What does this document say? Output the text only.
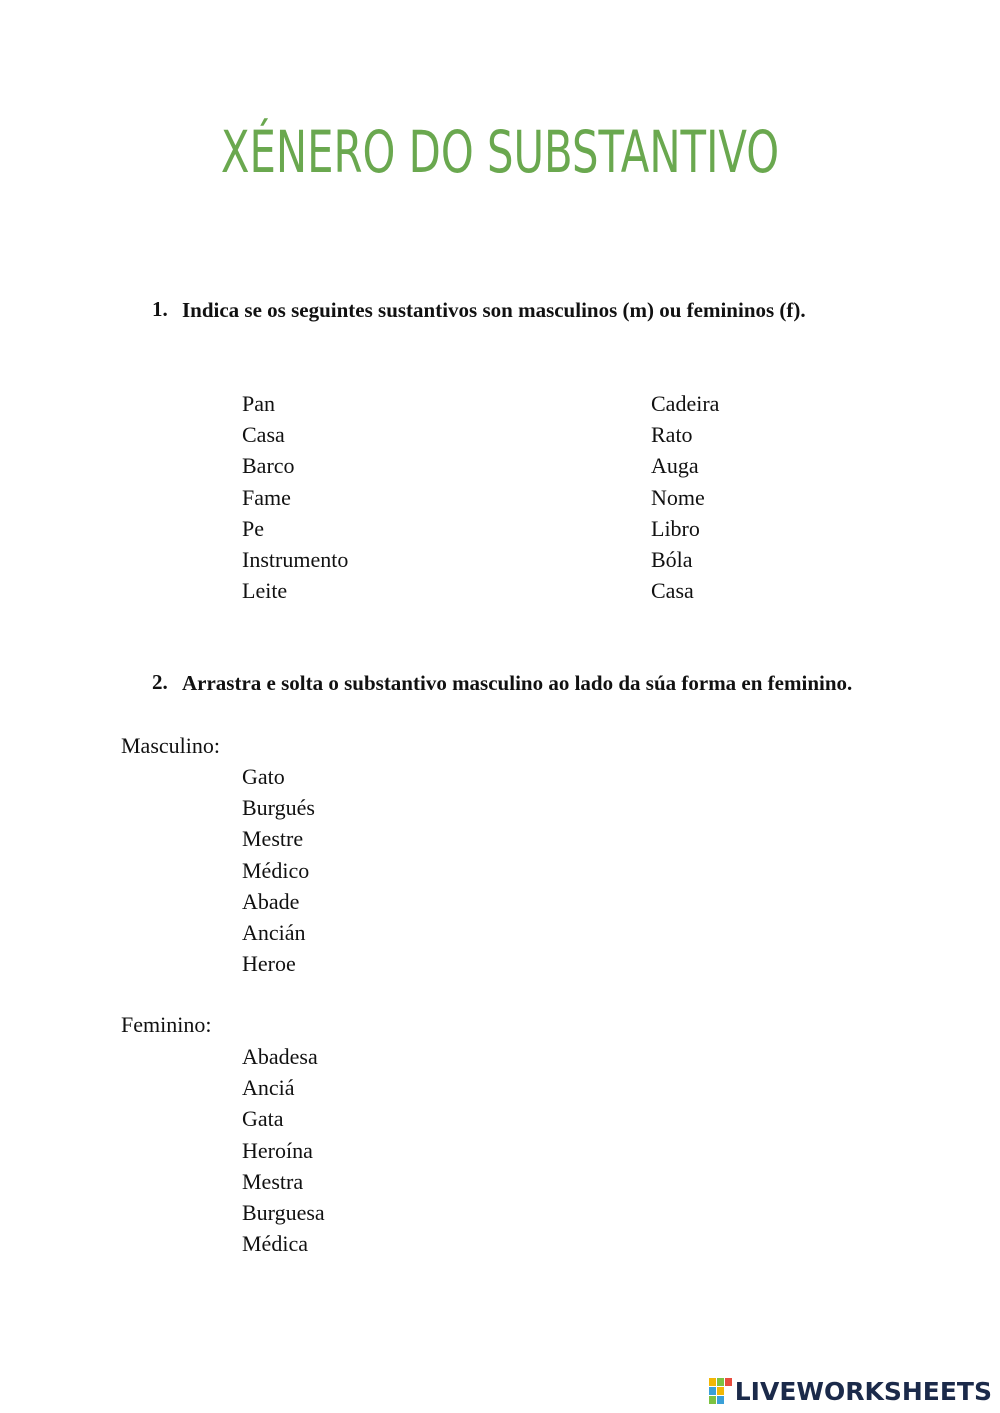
XÉNERO DO SUBSTANTIVO
1. Indica se os seguintes sustantivos son masculinos (m) ou femininos (f).
Pan
Casa
Barco
Fame
Pe
Instrumento
Leite
Cadeira
Rato
Auga
Nome
Libro
Bóla
Casa
2. Arrastra e solta o substantivo masculino ao lado da súa forma en feminino.
Masculino:
Gato
Burgués
Mestre
Médico
Abade
Ancián
Heroe
Feminino:
Abadesa
Anciá
Gata
Heroína
Mestra
Burguesa
Médica
LIVEWORKSHEETS
